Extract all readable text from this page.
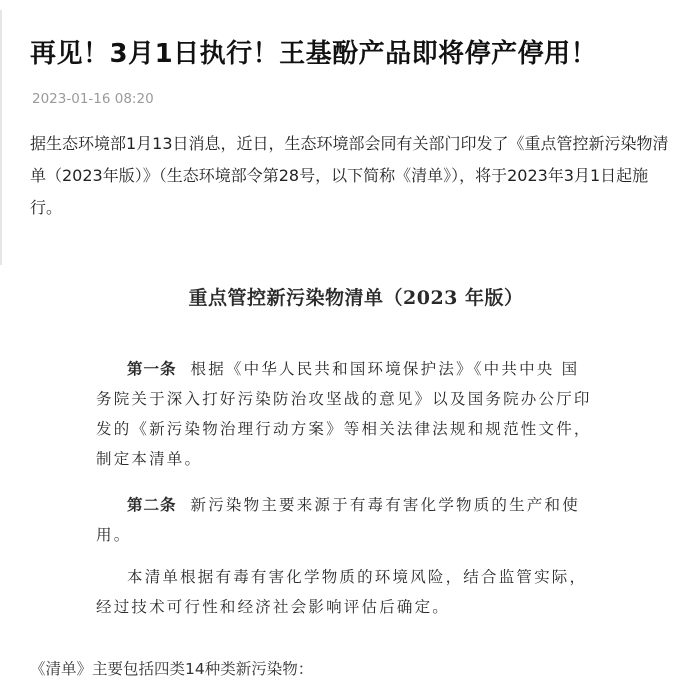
再见！3月1日执行！王基酚产品即将停产停用！
2023-01-16 08:20

据生态环境部1月13日消息，近日，生态环境部会同有关部门印发了《重点管控新污染物清单（2023年版）》（生态环境部令第28号，以下简称《清单》），将于2023年3月1日起施行。

重点管控新污染物清单（2023 年版）

第一条 根据《中华人民共和国环境保护法》《中共中央 国务院关于深入打好污染防治攻坚战的意见》以及国务院办公厅印发的《新污染物治理行动方案》等相关法律法规和规范性文件，制定本清单。

第二条 新污染物主要来源于有毒有害化学物质的生产和使用。

本清单根据有毒有害化学物质的环境风险，结合监管实际，经过技术可行性和经济社会影响评估后确定。

《清单》主要包括四类14种类新污染物：
